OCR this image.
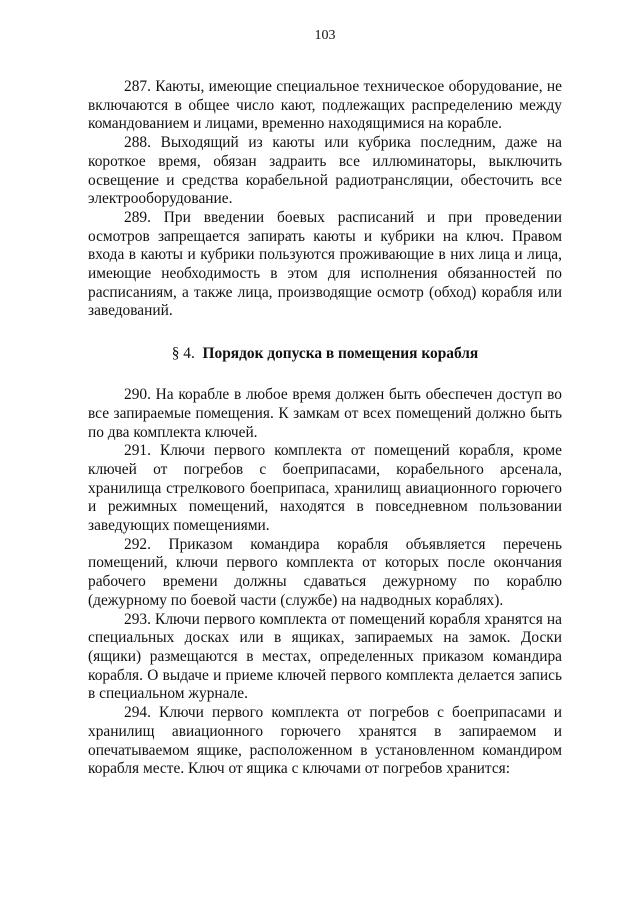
103

287. Каюты, имеющие специальное техническое оборудование, не включаются в общее число кают, подлежащих распределению между командованием и лицами, временно находящимися на корабле.

288. Выходящий из каюты или кубрика последним, даже на короткое время, обязан задраить все иллюминаторы, выключить освещение и средства корабельной радиотрансляции, обесточить все электрооборудование.

289. При введении боевых расписаний и при проведении осмотров запрещается запирать каюты и кубрики на ключ. Правом входа в каюты и кубрики пользуются проживающие в них лица и лица, имеющие необходимость в этом для исполнения обязанностей по расписаниям, а также лица, производящие осмотр (обход) корабля или заведований.

§ 4. Порядок допуска в помещения корабля

290. На корабле в любое время должен быть обеспечен доступ во все запираемые помещения. К замкам от всех помещений должно быть по два комплекта ключей.

291. Ключи первого комплекта от помещений корабля, кроме ключей от погребов с боеприпасами, корабельного арсенала, хранилища стрелкового боеприпаса, хранилищ авиационного горючего и режимных помещений, находятся в повседневном пользовании заведующих помещениями.

292. Приказом командира корабля объявляется перечень помещений, ключи первого комплекта от которых после окончания рабочего времени должны сдаваться дежурному по кораблю (дежурному по боевой части (службе) на надводных кораблях).

293. Ключи первого комплекта от помещений корабля хранятся на специальных досках или в ящиках, запираемых на замок. Доски (ящики) размещаются в местах, определенных приказом командира корабля. О выдаче и приеме ключей первого комплекта делается запись в специальном журнале.

294. Ключи первого комплекта от погребов с боеприпасами и хранилищ авиационного горючего хранятся в запираемом и опечатываемом ящике, расположенном в установленном командиром корабля месте. Ключ от ящика с ключами от погребов хранится:
